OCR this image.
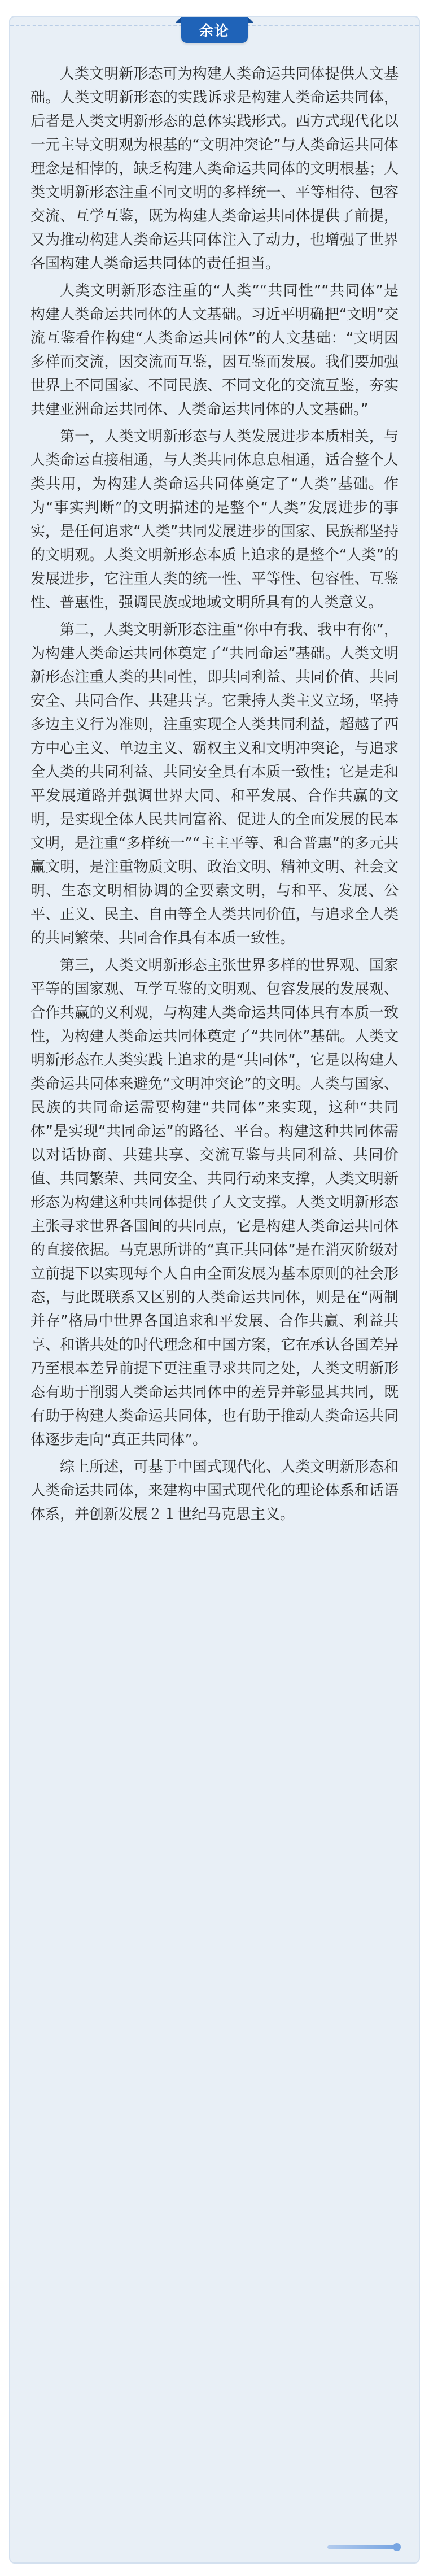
余论

人类文明新形态可为构建人类命运共同体提供人文基础。人类文明新形态的实践诉求是构建人类命运共同体，后者是人类文明新形态的总体实践形式。西方式现代化以一元主导文明观为根基的“文明冲突论”与人类命运共同体理念是相悖的，缺乏构建人类命运共同体的文明根基；人类文明新形态注重不同文明的多样统一、平等相待、包容交流、互学互鉴，既为构建人类命运共同体提供了前提，又为推动构建人类命运共同体注入了动力，也增强了世界各国构建人类命运共同体的责任担当。

人类文明新形态注重的“人类”“共同性”“共同体”是构建人类命运共同体的人文基础。习近平明确把“文明”交流互鉴看作构建“人类命运共同体”的人文基础：“文明因多样而交流，因交流而互鉴，因互鉴而发展。我们要加强世界上不同国家、不同民族、不同文化的交流互鉴，夯实共建亚洲命运共同体、人类命运共同体的人文基础。”

第一，人类文明新形态与人类发展进步本质相关，与人类命运直接相通，与人类共同体息息相通，适合整个人类共用，为构建人类命运共同体奠定了“人类”基础。作为“事实判断”的文明描述的是整个“人类”发展进步的事实，是任何追求“人类”共同发展进步的国家、民族都坚持的文明观。人类文明新形态本质上追求的是整个“人类”的发展进步，它注重人类的统一性、平等性、包容性、互鉴性、普惠性，强调民族或地域文明所具有的人类意义。

第二，人类文明新形态注重“你中有我、我中有你”，为构建人类命运共同体奠定了“共同命运”基础。人类文明新形态注重人类的共同性，即共同利益、共同价值、共同安全、共同合作、共建共享。它秉持人类主义立场，坚持多边主义行为准则，注重实现全人类共同利益，超越了西方中心主义、单边主义、霸权主义和文明冲突论，与追求全人类的共同利益、共同安全具有本质一致性；它是走和平发展道路并强调世界大同、和平发展、合作共赢的文明，是实现全体人民共同富裕、促进人的全面发展的民本文明，是注重“多样统一”“主主平等、和合普惠”的多元共赢文明，是注重物质文明、政治文明、精神文明、社会文明、生态文明相协调的全要素文明，与和平、发展、公平、正义、民主、自由等全人类共同价值，与追求全人类的共同繁荣、共同合作具有本质一致性。

第三，人类文明新形态主张世界多样的世界观、国家平等的国家观、互学互鉴的文明观、包容发展的发展观、合作共赢的义利观，与构建人类命运共同体具有本质一致性，为构建人类命运共同体奠定了“共同体”基础。人类文明新形态在人类实践上追求的是“共同体”，它是以构建人类命运共同体来避免“文明冲突论”的文明。人类与国家、民族的共同命运需要构建“共同体”来实现，这种“共同体”是实现“共同命运”的路径、平台。构建这种共同体需以对话协商、共建共享、交流互鉴与共同利益、共同价值、共同繁荣、共同安全、共同行动来支撑，人类文明新形态为构建这种共同体提供了人文支撑。人类文明新形态主张寻求世界各国间的共同点，它是构建人类命运共同体的直接依据。马克思所讲的“真正共同体”是在消灭阶级对立前提下以实现每个人自由全面发展为基本原则的社会形态，与此既联系又区别的人类命运共同体，则是在“两制并存”格局中世界各国追求和平发展、合作共赢、利益共享、和谐共处的时代理念和中国方案，它在承认各国差异乃至根本差异前提下更注重寻求共同之处，人类文明新形态有助于削弱人类命运共同体中的差异并彰显其共同，既有助于构建人类命运共同体，也有助于推动人类命运共同体逐步走向“真正共同体”。

综上所述，可基于中国式现代化、人类文明新形态和人类命运共同体，来建构中国式现代化的理论体系和话语体系，并创新发展２１世纪马克思主义。
